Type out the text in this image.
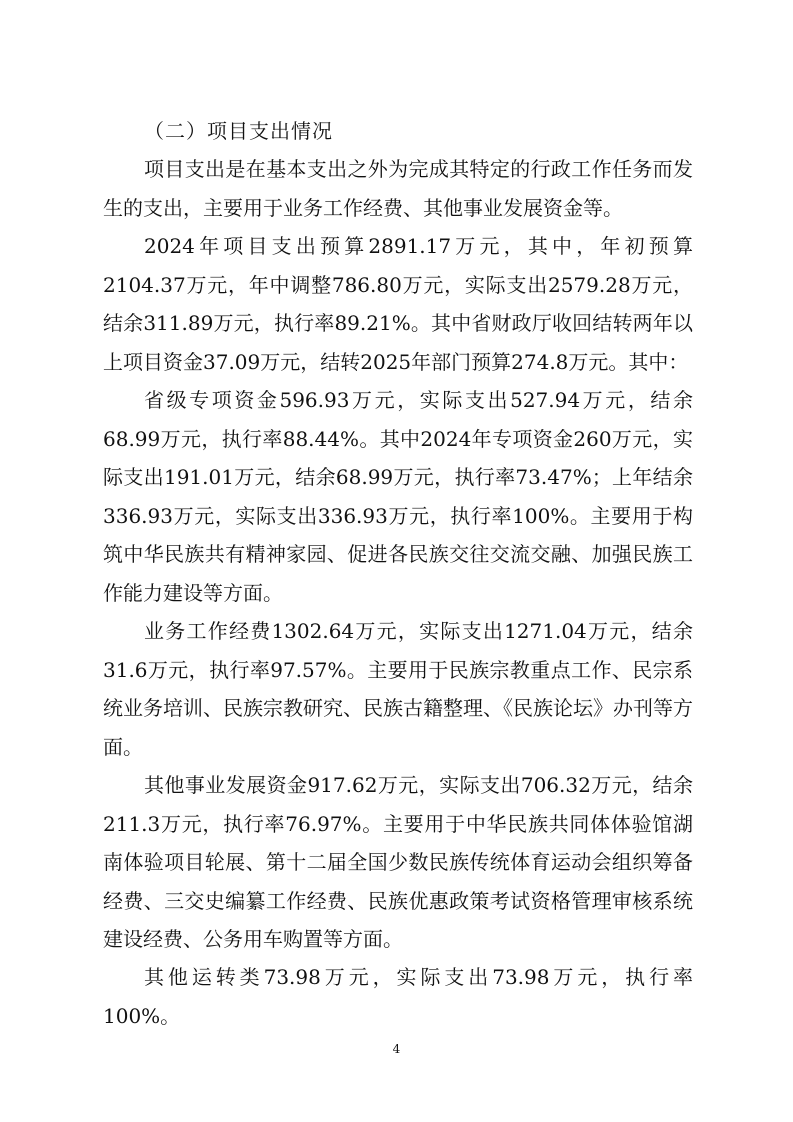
（二）项目支出情况

项目支出是在基本支出之外为完成其特定的行政工作任务而发生的支出，主要用于业务工作经费、其他事业发展资金等。

2024年项目支出预算2891.17万元，其中，年初预算2104.37万元，年中调整786.80万元，实际支出2579.28万元，结余311.89万元，执行率89.21%。其中省财政厅收回结转两年以上项目资金37.09万元，结转2025年部门预算274.8万元。其中：

省级专项资金596.93万元，实际支出527.94万元，结余68.99万元，执行率88.44%。其中2024年专项资金260万元，实际支出191.01万元，结余68.99万元，执行率73.47%；上年结余336.93万元，实际支出336.93万元，执行率100%。主要用于构筑中华民族共有精神家园、促进各民族交往交流交融、加强民族工作能力建设等方面。

业务工作经费1302.64万元，实际支出1271.04万元，结余31.6万元，执行率97.57%。主要用于民族宗教重点工作、民宗系统业务培训、民族宗教研究、民族古籍整理、《民族论坛》办刊等方面。

其他事业发展资金917.62万元，实际支出706.32万元，结余211.3万元，执行率76.97%。主要用于中华民族共同体体验馆湖南体验项目轮展、第十二届全国少数民族传统体育运动会组织筹备经费、三交史编纂工作经费、民族优惠政策考试资格管理审核系统建设经费、公务用车购置等方面。

其他运转类73.98万元，实际支出73.98万元，执行率100%。

4
